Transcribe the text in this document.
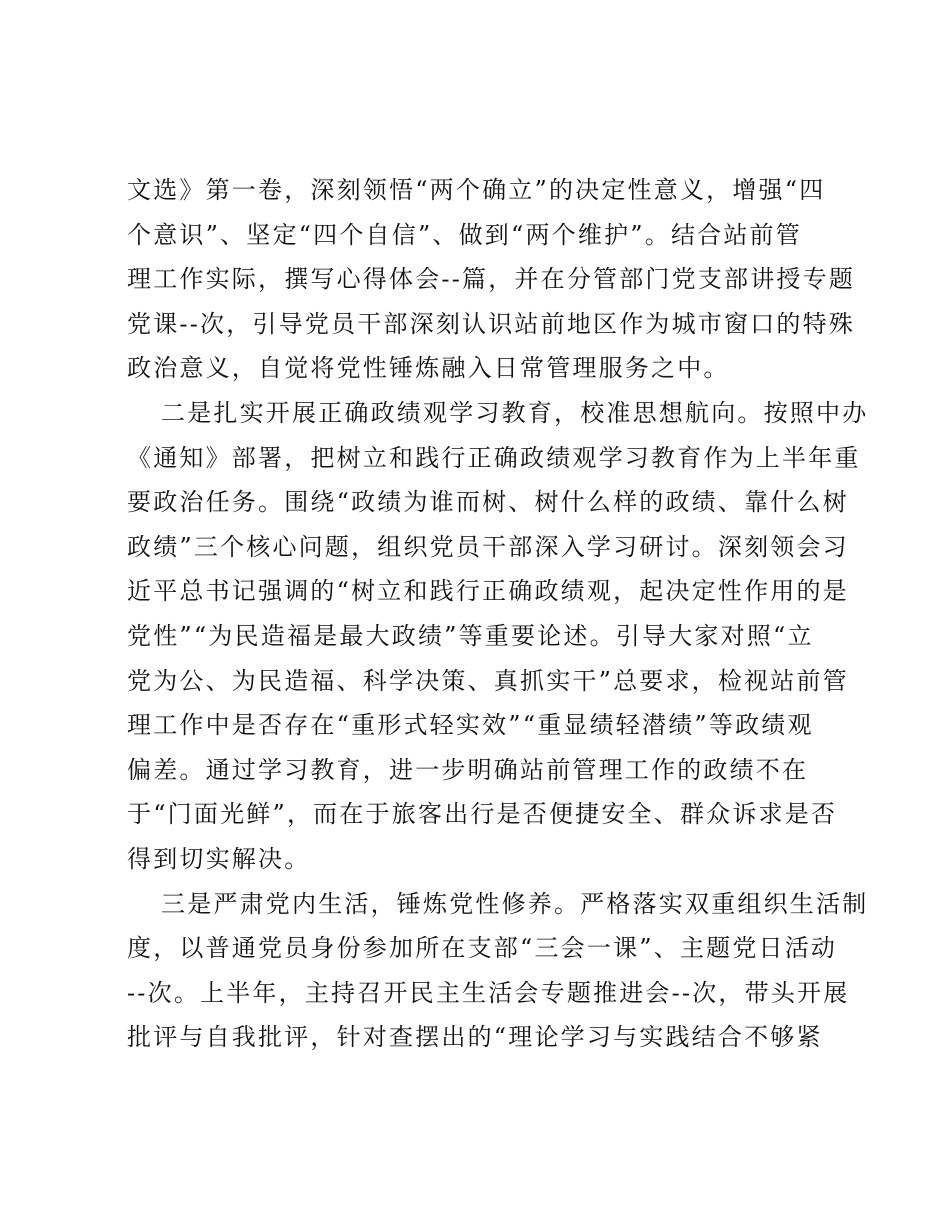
文选》第一卷，深刻领悟“两个确立”的决定性意义，增强“四
个意识”、坚定“四个自信”、做到“两个维护”。结合站前管
理工作实际，撰写心得体会--篇，并在分管部门党支部讲授专题
党课--次，引导党员干部深刻认识站前地区作为城市窗口的特殊
政治意义，自觉将党性锤炼融入日常管理服务之中。
二是扎实开展正确政绩观学习教育，校准思想航向。按照中办
《通知》部署，把树立和践行正确政绩观学习教育作为上半年重
要政治任务。围绕“政绩为谁而树、树什么样的政绩、靠什么树
政绩”三个核心问题，组织党员干部深入学习研讨。深刻领会习
近平总书记强调的“树立和践行正确政绩观，起决定性作用的是
党性”“为民造福是最大政绩”等重要论述。引导大家对照“立
党为公、为民造福、科学决策、真抓实干”总要求，检视站前管
理工作中是否存在“重形式轻实效”“重显绩轻潜绩”等政绩观
偏差。通过学习教育，进一步明确站前管理工作的政绩不在
于“门面光鲜”，而在于旅客出行是否便捷安全、群众诉求是否
得到切实解决。
三是严肃党内生活，锤炼党性修养。严格落实双重组织生活制
度，以普通党员身份参加所在支部“三会一课”、主题党日活动
--次。上半年，主持召开民主生活会专题推进会--次，带头开展
批评与自我批评，针对查摆出的“理论学习与实践结合不够紧
